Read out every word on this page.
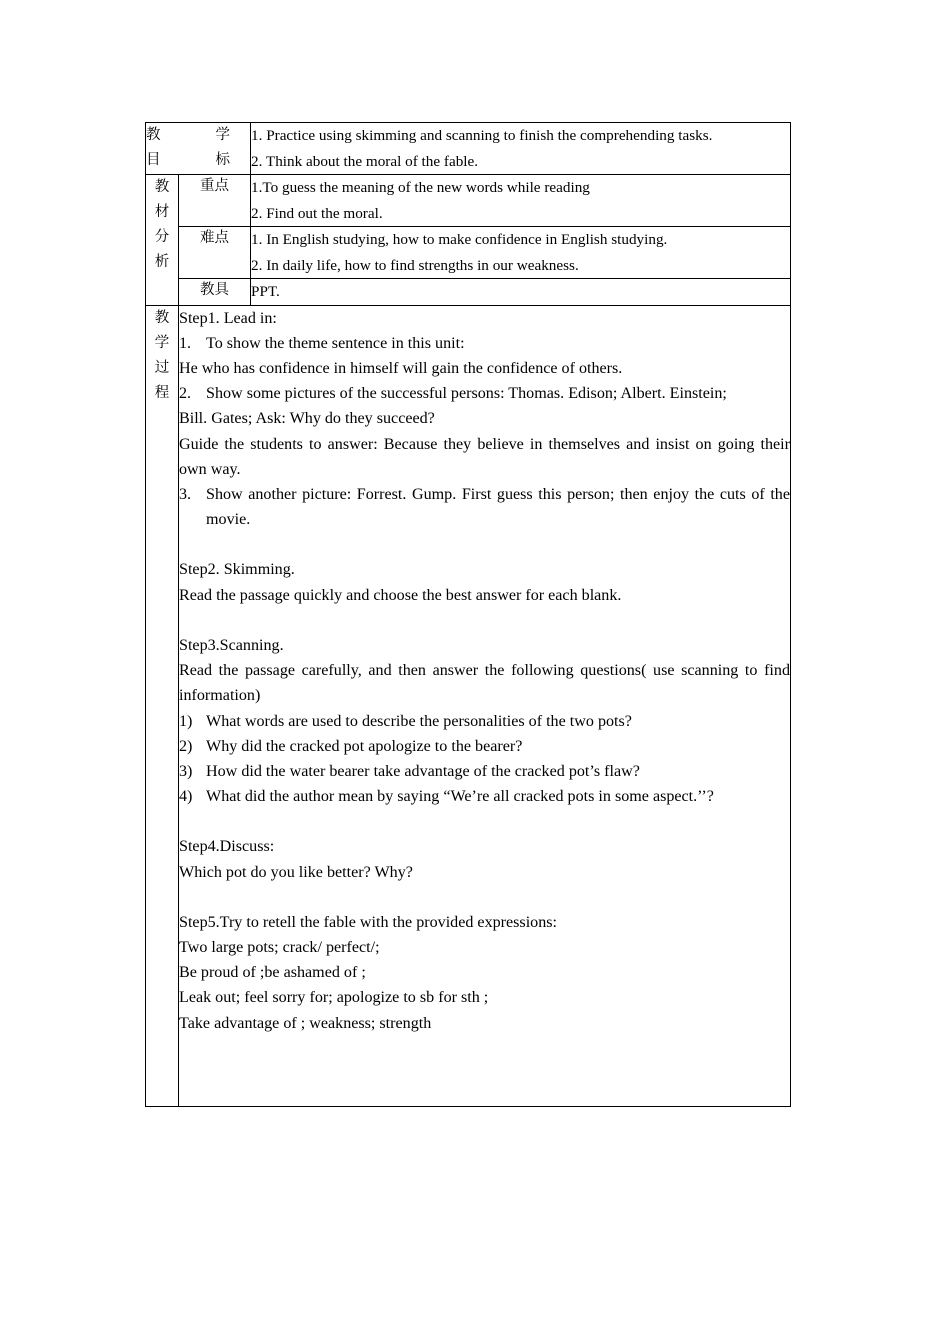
教	学
目	标

1. Practice using skimming and scanning to finish the comprehending tasks.

2. Think about the moral of the fable.

教
材
分
析
	重点	1.To guess the meaning of the new words while reading

2. Find out the moral.

	难点	1. In English studying, how to make confidence in English studying.

2. In daily life, how to find strengths in our weakness.

	教具	PPT.

教 学 过 程	

Step1. Lead in:

1. To show the theme sentence in this unit:

He who has confidence in himself will gain the confidence of others.

2. Show some pictures of the successful persons: Thomas. Edison; Albert. Einstein;

Bill. Gates; Ask: Why do they succeed?

Guide the students to answer: Because they believe in themselves and insist on going their own way.

3. Show another picture: Forrest. Gump. First guess this person; then enjoy the cuts of the movie.

Step2. Skimming.

Read the passage quickly and choose the best answer for each blank.

Step3.Scanning.

Read the passage carefully, and then answer the following questions( use scanning to find information)

1) What words are used to describe the personalities of the two pots?
2) Why did the cracked pot apologize to the bearer?
3) How did the water bearer take advantage of the cracked pot’s flaw?
4) What did the author mean by saying “We’re all cracked pots in some aspect.’’?

Step4.Discuss:

Which pot do you like better? Why?

Step5.Try to retell the fable with the provided expressions:

Two large pots; crack/ perfect/;

Be proud of ;be ashamed of ;

Leak out; feel sorry for; apologize to sb for sth ;

Take advantage of ; weakness; strength
